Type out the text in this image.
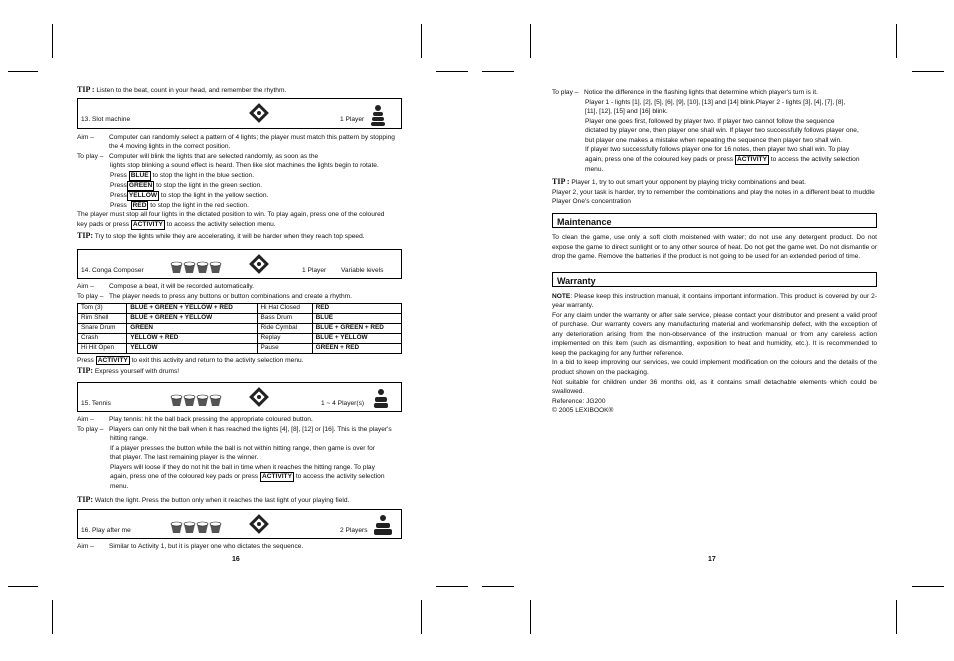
TIP : Listen to the beat, count in your head, and remember the rhythm.

13. Slot machine	1 Player
Aim –	Computer can randomly select a pattern of 4 lights; the player must match this pattern by stopping the 4 moving lights in the correct position.
To play – Computer will blink the lights that are selected randomly, as soon as the

lights stop blinking a sound effect is heard. Then like slot machines the lights begin to rotate.

Press BLUE to stop the light in the blue section.

Press GREEN to stop the light in the green section.

Press YELLOW to stop the light in the yellow section.

Press RED to stop the light in the red section.

The player must stop all four lights in the dictated position to win. To play again, press one of the coloured

key pads or press ACTIVITY to access the activity selection menu.

TIP: Try to stop the lights while they are accelerating, it will be harder when they reach top speed.

14. Conga Composer	1 Player Variable levels
Aim –	Compose a beat, it will be recorded automatically.
To play – The player needs to press any buttons or button combinations and create a rhythm.
Tom (3)	BLUE + GREEN + YELLOW + RED	Hi Hat Closed	RED
Rim Shell	BLUE + GREEN + YELLOW	Bass Drum	BLUE
Snare Drum	GREEN	Ride Cymbal	BLUE + GREEN + RED
Crash	YELLOW + RED	Replay	BLUE + YELLOW
Hi Hit Open	YELLOW	Pause	GREEN + RED

Press ACTIVITY to exit this activity and return to the activity selection menu.

TIP: Express yourself with drums!

15. Tennis	1 ~ 4 Player(s)
Aim –	Play tennis: hit the ball back pressing the appropriate coloured button.
To play – Players can only hit the ball when it has reached the lights [4], [8], [12] or [16]. This is the player's

hitting range.

If a player presses the button while the ball is not within hitting range, then game is over for

that player. The last remaining player is the winner.

Players will loose if they do not hit the ball in time when it reaches the hitting range. To play

again, press one of the coloured key pads or press ACTIVITY to access the activity selection

menu.

TIP: Watch the light. Press the button only when it reaches the last light of your playing field.

16. Play after me	2 Players
Aim –	Similar to Activity 1, but it is player one who dictates the sequence.
16
To play – Notice the difference in the flashing lights that determine which player's turn is it.

Player 1 - lights [1], [2], [5], [6], [9], [10], [13] and [14] blink.Player 2 - lights [3], [4], [7], [8],

[11], [12], [15] and [16] blink.

Player one goes first, followed by player two. If player two cannot follow the sequence

dictated by player one, then player one shall win. If player two successfully follows player one,

but player one makes a mistake when repeating the sequence then player two shall win.

If player two successfully follows player one for 16 notes, then player two shall win. To play

again, press one of the coloured key pads or press ACTIVITY to access the activity selection

menu.

TIP : Player 1, try to out smart your opponent by playing tricky combinations and beat.

Player 2, your task is harder, try to remember the combinations and play the notes in a different beat to muddle Player One's concentration

Maintenance

To clean the game, use only a soft cloth moistened with water; do not use any detergent product. Do not expose the game to direct sunlight or to any other source of heat. Do not get the game wet. Do not dismantle or drop the game. Remove the batteries if the product is not going to be used for an extended period of time.

Warranty

NOTE: Please keep this instruction manual, it contains important information. This product is covered by our 2-year warranty.

For any claim under the warranty or after sale service, please contact your distributor and present a valid proof of purchase. Our warranty covers any manufacturing material and workmanship defect, with the exception of any deterioration arising from the non-observance of the instruction manual or from any careless action implemented on this item (such as dismantling, exposition to heat and humidity, etc.). It is recommended to keep the packaging for any further reference.

In a bid to keep improving our services, we could implement modification on the colours and the details of the product shown on the packaging.

Not suitable for children under 36 months old, as it contains small detachable elements which could be swallowed.

Reference: JG200

© 2005 LEXIBOOK®

17
